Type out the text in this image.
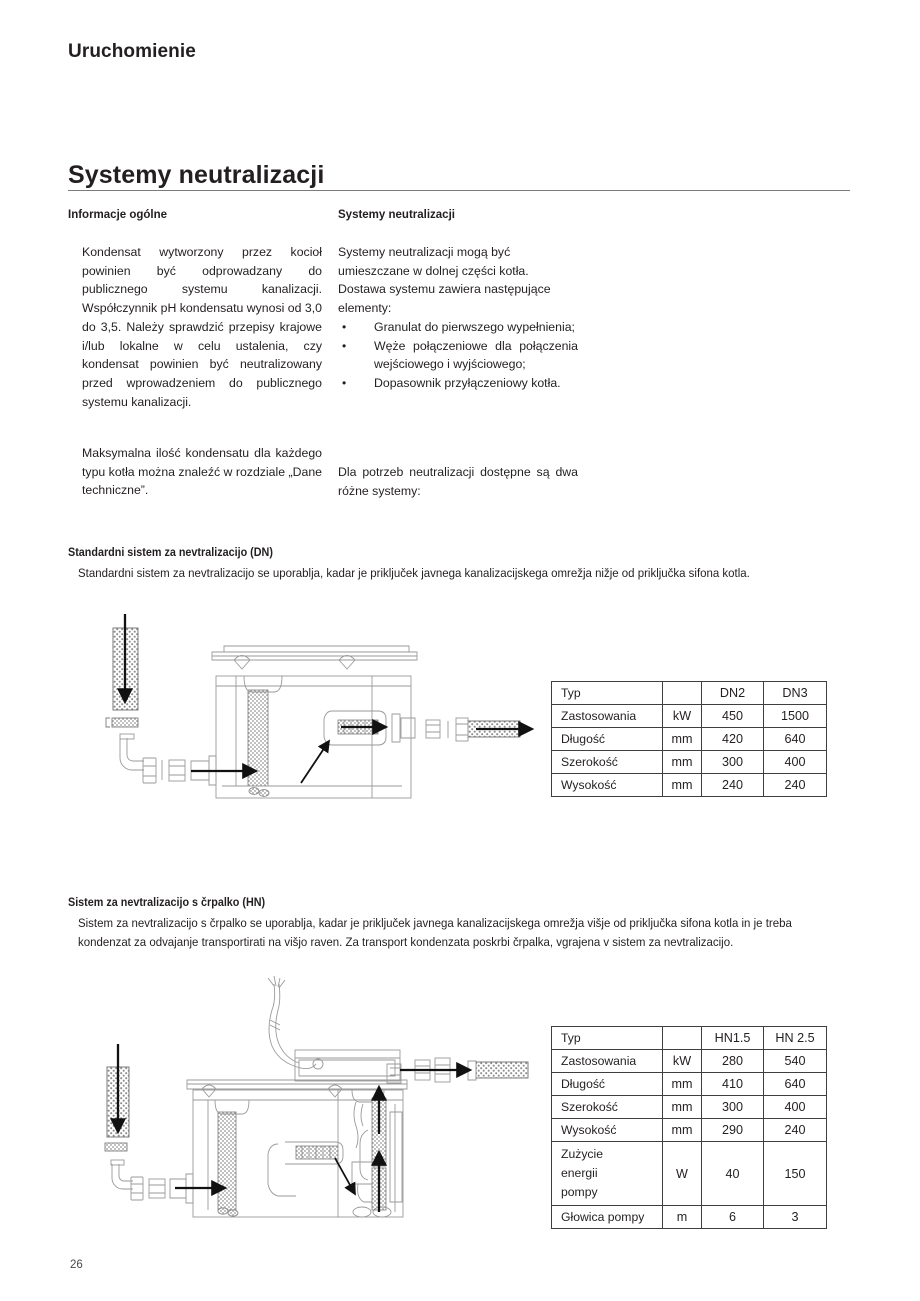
Uruchomienie
Systemy neutralizacji
Informacje ogólne	Systemy neutralizacji

Kondensat wytworzony przez kocioł powinien być odprowadzany do publicznego systemu kanalizacji. Współczynnik pH kondensatu wynosi od 3,0 do 3,5. Należy sprawdzić przepisy krajowe i/lub lokalne w celu ustalenia, czy kondensat powinien być neutralizowany przed wprowadzeniem do publicznego systemu kanalizacji.

Maksymalna ilość kondensatu dla każdego typu kotła można znaleźć w rozdziale „Dane techniczne”.

Systemy neutralizacji mogą być umieszczane w dolnej części kotła. Dostawa systemu zawiera następujące elementy:

• Granulat do pierwszego wypełnienia;
• Węże połączeniowe dla połączenia wejściowego i wyjściowego;
• Dopasownik przyłączeniowy kotła.

Dla potrzeb neutralizacji dostępne są dwa różne systemy:

Standardni sistem za nevtralizacijo (DN)

Standardni sistem za nevtralizacijo se uporablja, kadar je priključek javnega kanalizacijskega omrežja nižje od priključka sifona kotla.

Typ		DN2	DN3
Zastosowania	kW	450	1500
Długość	mm	420	640
Szerokość	mm	300	400
Wysokość	mm	240	240
Sistem za nevtralizacijo s črpalko (HN)

Sistem za nevtralizacijo s črpalko se uporablja, kadar je priključek javnega kanalizacijskega omrežja višje od priključka sifona kotla in je treba kondenzat za odvajanje transportirati na višjo raven. Za transport kondenzata poskrbi črpalka, vgrajena v sistem za nevtralizacijo.

Typ		HN1.5	HN 2.5
Zastosowania	kW	280	540
Długość	mm	410	640
Szerokość	mm	300	400
Wysokość	mm	290	240
Zużycie
energii
pompy	W	40	150
Głowica pompy	m	6	3
26
